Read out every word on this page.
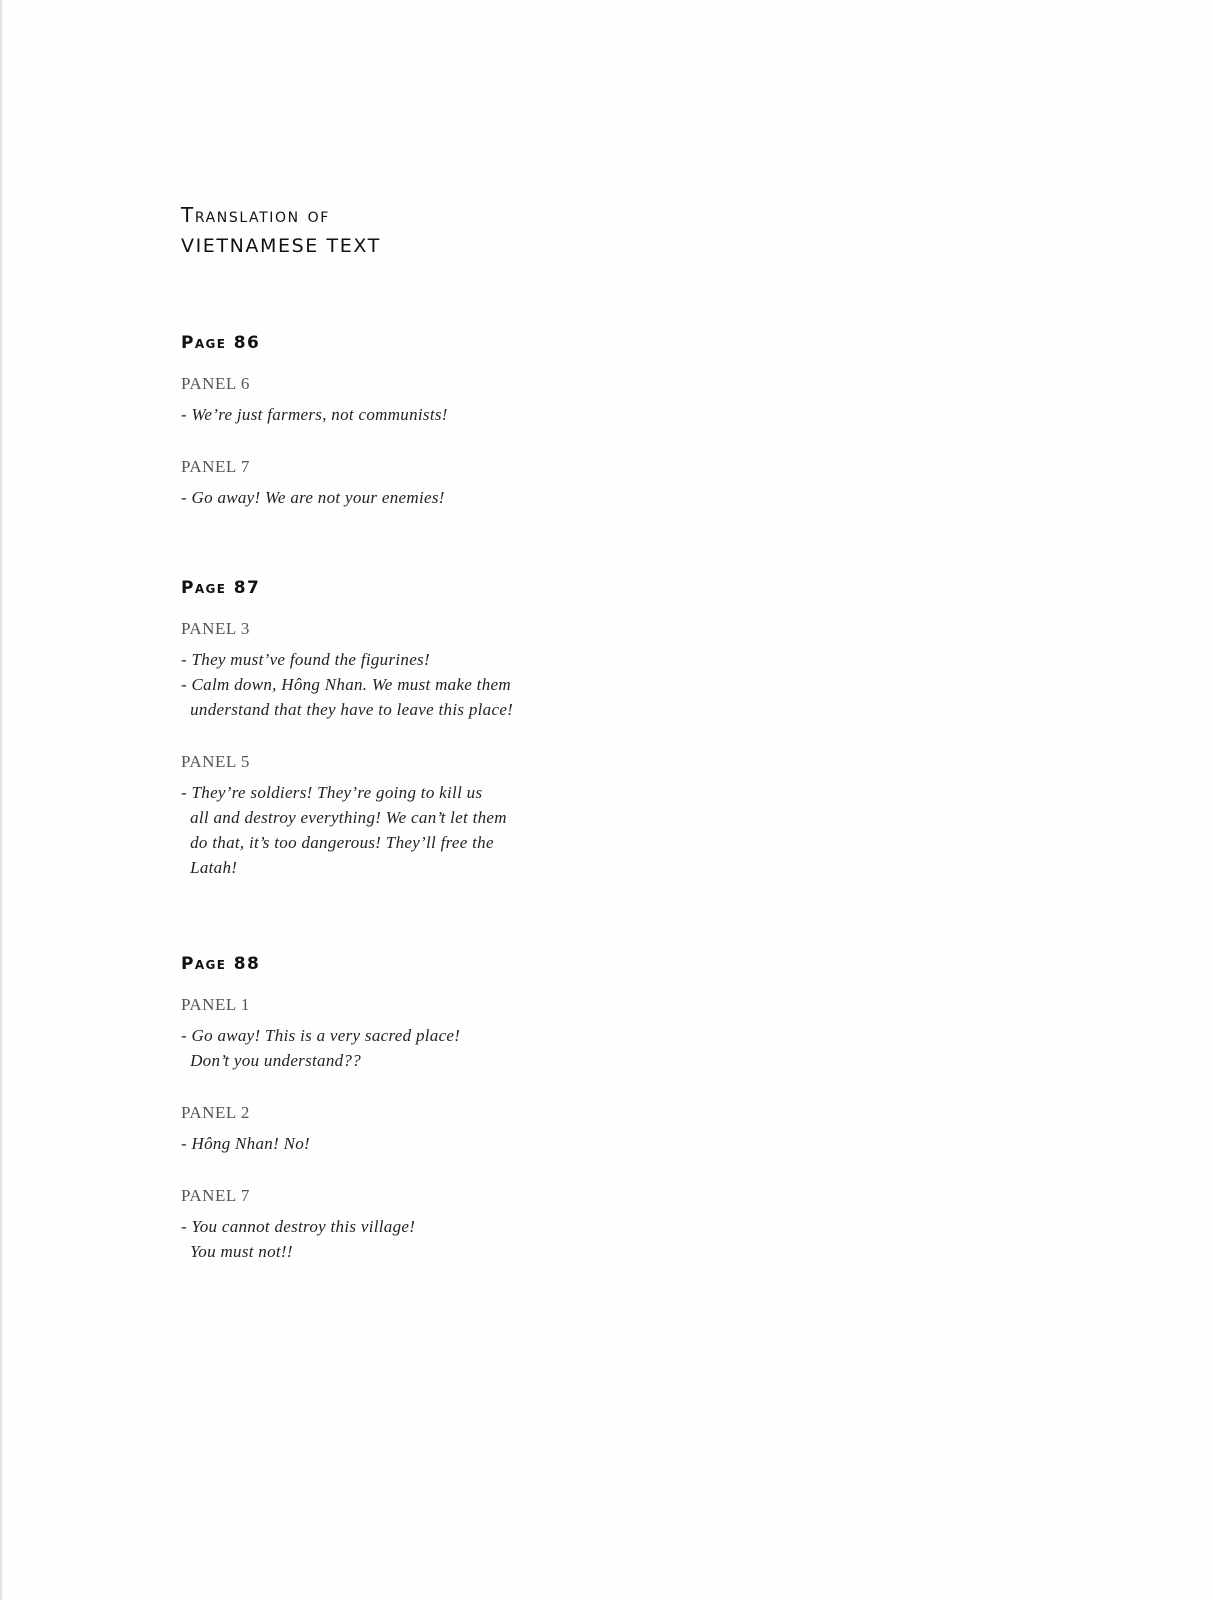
Translation of
VIETNAMESE TEXT
Page 86
PANEL 6
- We’re just farmers, not communists!
PANEL 7
- Go away! We are not your enemies!
Page 87
PANEL 3
- They must’ve found the figurines!
- Calm down, Hông Nhan. We must make them
understand that they have to leave this place!
PANEL 5
- They’re soldiers! They’re going to kill us
all and destroy everything! We can’t let them
do that, it’s too dangerous! They’ll free the
Latah!
Page 88
PANEL 1
- Go away! This is a very sacred place!
Don’t you understand??
PANEL 2
- Hông Nhan! No!
PANEL 7
- You cannot destroy this village!
You must not!!
